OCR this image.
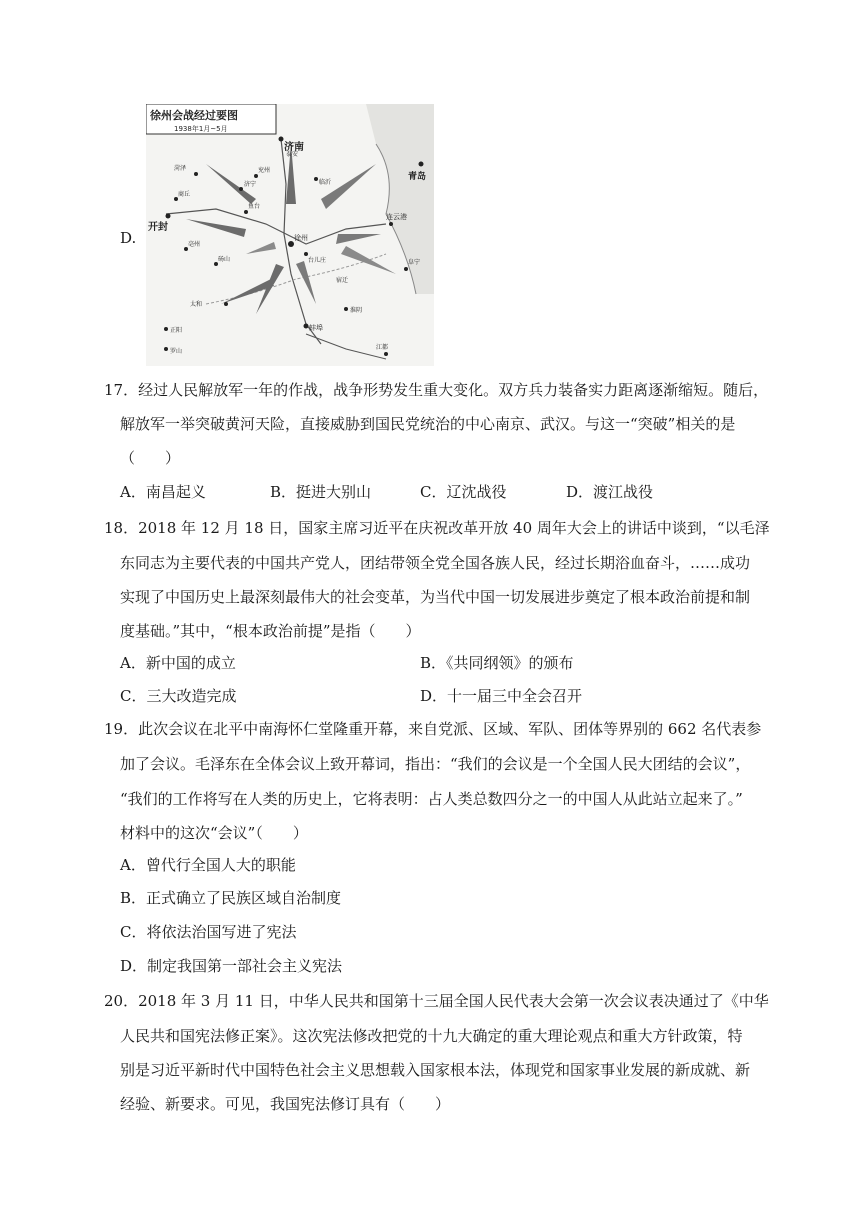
D.
徐州会战经过要图
1938年1月~5月
济南
青岛
开封
泰安
连云港
徐州
台儿庄
蚌埠
正阳
太和
淮阴
江都
宿迁
阜宁
临沂
菏泽
济宁
兖州
鱼台
砀山
亳州
商丘
罗山
17．经过人民解放军一年的作战，战争形势发生重大变化。双方兵力装备实力距离逐渐缩短。随后，
解放军一举突破黄河天险，直接威胁到国民党统治的中心南京、武汉。与这一“突破”相关的是
（　　）
A．南昌起义	B．挺进大别山	C．辽沈战役	D．渡江战役
18．2018 年 12 月 18 日，国家主席习近平在庆祝改革开放 40 周年大会上的讲话中谈到，“以毛泽
东同志为主要代表的中国共产党人，团结带领全党全国各族人民，经过长期浴血奋斗，……成功
实现了中国历史上最深刻最伟大的社会变革，为当代中国一切发展进步奠定了根本政治前提和制
度基础。”其中，“根本政治前提”是指（　　）
A．新中国的成立	B．《共同纲领》的颁布
C．三大改造完成	D．十一届三中全会召开
19．此次会议在北平中南海怀仁堂隆重开幕，来自党派、区域、军队、团体等界别的 662 名代表参
加了会议。毛泽东在全体会议上致开幕词，指出：“我们的会议是一个全国人民大团结的会议”，
“我们的工作将写在人类的历史上，它将表明：占人类总数四分之一的中国人从此站立起来了。”
材料中的这次“会议”（　　）
A．曾代行全国人大的职能
B．正式确立了民族区域自治制度
C．将依法治国写进了宪法
D．制定我国第一部社会主义宪法
20．2018 年 3 月 11 日，中华人民共和国第十三届全国人民代表大会第一次会议表决通过了《中华
人民共和国宪法修正案》。这次宪法修改把党的十九大确定的重大理论观点和重大方针政策，特
别是习近平新时代中国特色社会主义思想载入国家根本法，体现党和国家事业发展的新成就、新
经验、新要求。可见，我国宪法修订具有（　　）
